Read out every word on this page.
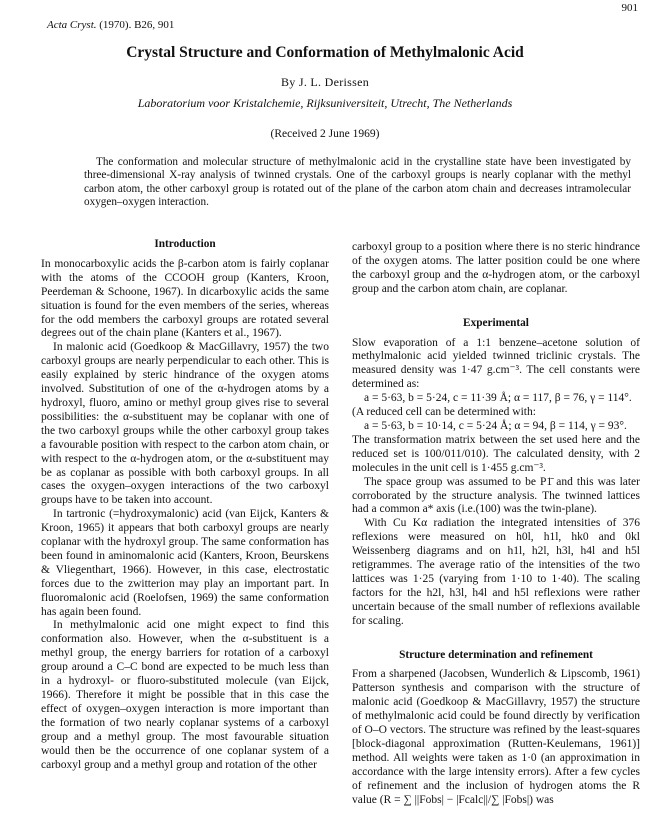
901
Acta Cryst. (1970). B26, 901
Crystal Structure and Conformation of Methylmalonic Acid
By J. L. Derissen
Laboratorium voor Kristalchemie, Rijksuniversiteit, Utrecht, The Netherlands
(Received 2 June 1969)

The conformation and molecular structure of methylmalonic acid in the crystalline state have been investigated by three-dimensional X-ray analysis of twinned crystals. One of the carboxyl groups is nearly coplanar with the methyl carbon atom, the other carboxyl group is rotated out of the plane of the carbon atom chain and decreases intramolecular oxygen–oxygen interaction.

Introduction

In monocarboxylic acids the β-carbon atom is fairly coplanar with the atoms of the CCOOH group (Kanters, Kroon, Peerdeman & Schoone, 1967). In dicarboxylic acids the same situation is found for the even members of the series, whereas for the odd members the carboxyl groups are rotated several degrees out of the chain plane (Kanters et al., 1967).

In malonic acid (Goedkoop & MacGillavry, 1957) the two carboxyl groups are nearly perpendicular to each other. This is easily explained by steric hindrance of the oxygen atoms involved. Substitution of one of the α-hydrogen atoms by a hydroxyl, fluoro, amino or methyl group gives rise to several possibilities: the α-substituent may be coplanar with one of the two carboxyl groups while the other carboxyl group takes a favourable position with respect to the carbon atom chain, or with respect to the α-hydrogen atom, or the α-substituent may be as coplanar as possible with both carboxyl groups. In all cases the oxygen–oxygen interactions of the two carboxyl groups have to be taken into account.

In tartronic (=hydroxymalonic) acid (van Eijck, Kanters & Kroon, 1965) it appears that both carboxyl groups are nearly coplanar with the hydroxyl group. The same conformation has been found in aminomalonic acid (Kanters, Kroon, Beurskens & Vliegenthart, 1966). However, in this case, electrostatic forces due to the zwitterion may play an important part. In fluoromalonic acid (Roelofsen, 1969) the same conformation has again been found.

In methylmalonic acid one might expect to find this conformation also. However, when the α-substituent is a methyl group, the energy barriers for rotation of a carboxyl group around a C–C bond are expected to be much less than in a hydroxyl- or fluoro-substituted molecule (van Eijck, 1966). Therefore it might be possible that in this case the effect of oxygen–oxygen interaction is more important than the formation of two nearly coplanar systems of a carboxyl group and a methyl group. The most favourable situation would then be the occurrence of one coplanar system of a carboxyl group and a methyl group and rotation of the other

carboxyl group to a position where there is no steric hindrance of the oxygen atoms. The latter position could be one where the carboxyl group and the α-hydrogen atom, or the carboxyl group and the carbon atom chain, are coplanar.

Experimental

Slow evaporation of a 1:1 benzene–acetone solution of methylmalonic acid yielded twinned triclinic crystals. The measured density was 1·47 g.cm⁻³. The cell constants were determined as:

a = 5·63, b = 5·24, c = 11·39 Å; α = 117, β = 76, γ = 114°.

(A reduced cell can be determined with:

a = 5·63, b = 10·14, c = 5·24 Å; α = 94, β = 114, γ = 93°.

The transformation matrix between the set used here and the reduced set is 100/011/010). The calculated density, with 2 molecules in the unit cell is 1·455 g.cm⁻³.

The space group was assumed to be P1̄ and this was later corroborated by the structure analysis. The twinned lattices had a common a* axis (i.e.(100) was the twin-plane).

With Cu Kα radiation the integrated intensities of 376 reflexions were measured on h0l, h1l, hk0 and 0kl Weissenberg diagrams and on h1l, h2l, h3l, h4l and h5l retigrammes. The average ratio of the intensities of the two lattices was 1·25 (varying from 1·10 to 1·40). The scaling factors for the h2l, h3l, h4l and h5l reflexions were rather uncertain because of the small number of reflexions available for scaling.

Structure determination and refinement

From a sharpened (Jacobsen, Wunderlich & Lipscomb, 1961) Patterson synthesis and comparison with the structure of malonic acid (Goedkoop & MacGillavry, 1957) the structure of methylmalonic acid could be found directly by verification of O–O vectors. The structure was refined by the least-squares [block-diagonal approximation (Rutten-Keulemans, 1961)] method. All weights were taken as 1·0 (an approximation in accordance with the large intensity errors). After a few cycles of refinement and the inclusion of hydrogen atoms the R value (R = ∑ ||Fobs| − |Fcalc||/∑ |Fobs|) was
